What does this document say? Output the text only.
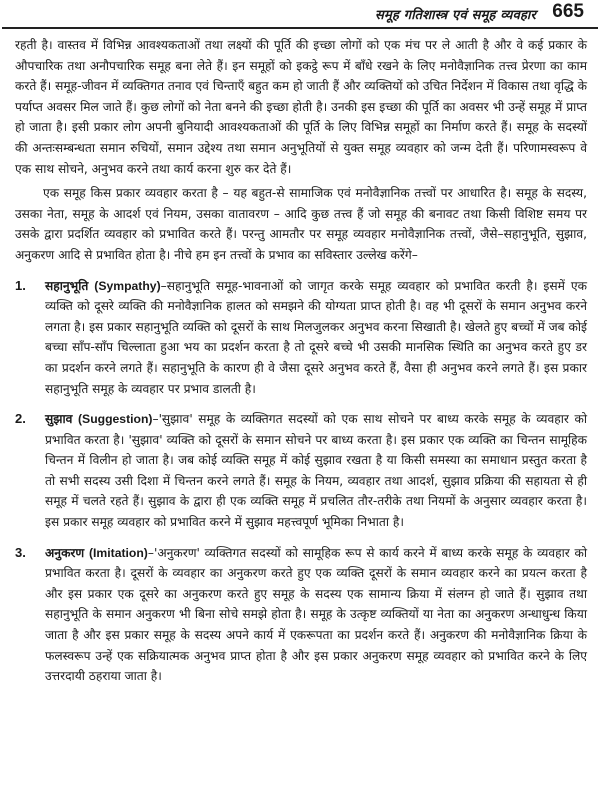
समूह गतिशास्त्र एवं समूह व्यवहार 665

रहती है। वास्तव में विभिन्न आवश्यकताओं तथा लक्ष्यों की पूर्ति की इच्छा लोगों को एक मंच पर ले आती है और वे कई प्रकार के औपचारिक तथा अनौपचारिक समूह बना लेते हैं। इन समूहों को इकट्ठे रूप में बाँधे रखने के लिए मनोवैज्ञानिक तत्त्व प्रेरणा का काम करते हैं। समूह-जीवन में व्यक्तिगत तनाव एवं चिन्ताएँ बहुत कम हो जाती हैं और व्यक्तियों को उचित निर्देशन में विकास तथा वृद्धि के पर्याप्त अवसर मिल जाते हैं। कुछ लोगों को नेता बनने की इच्छा होती है। उनकी इस इच्छा की पूर्ति का अवसर भी उन्हें समूह में प्राप्त हो जाता है। इसी प्रकार लोग अपनी बुनियादी आवश्यकताओं की पूर्ति के लिए विभिन्न समूहों का निर्माण करते हैं। समूह के सदस्यों की अन्तःसम्बन्धता समान रुचियों, समान उद्देश्य तथा समान अनुभूतियों से युक्त समूह व्यवहार को जन्म देती हैं। परिणामस्वरूप वे एक साथ सोचने, अनुभव करने तथा कार्य करना शुरु कर देते हैं।

एक समूह किस प्रकार व्यवहार करता है – यह बहुत-से सामाजिक एवं मनोवैज्ञानिक तत्त्वों पर आधारित है। समूह के सदस्य, उसका नेता, समूह के आदर्श एवं नियम, उसका वातावरण – आदि कुछ तत्त्व हैं जो समूह की बनावट तथा किसी विशिष्ट समय पर उसके द्वारा प्रदर्शित व्यवहार को प्रभावित करते हैं। परन्तु आमतौर पर समूह व्यवहार मनोवैज्ञानिक तत्त्वों, जैसे–सहानुभूति, सुझाव, अनुकरण आदि से प्रभावित होता है। नीचे हम इन तत्त्वों के प्रभाव का सविस्तार उल्लेख करेंगे–

1. सहानुभूति (Sympathy)–सहानुभूति समूह-भावनाओं को जागृत करके समूह व्यवहार को प्रभावित करती है। इसमें एक व्यक्ति को दूसरे व्यक्ति की मनोवैज्ञानिक हालत को समझने की योग्यता प्राप्त होती है। वह भी दूसरों के समान अनुभव करने लगता है। इस प्रकार सहानुभूति व्यक्ति को दूसरों के साथ मिलजुलकर अनुभव करना सिखाती है। खेलते हुए बच्चों में जब कोई बच्चा साँप-साँप चिल्लाता हुआ भय का प्रदर्शन करता है तो दूसरे बच्चे भी उसकी मानसिक स्थिति का अनुभव करते हुए डर का प्रदर्शन करने लगते हैं। सहानुभूति के कारण ही वे जैसा दूसरे अनुभव करते हैं, वैसा ही अनुभव करने लगते हैं। इस प्रकार सहानुभूति समूह के व्यवहार पर प्रभाव डालती है।
2. सुझाव (Suggestion)–'सुझाव' समूह के व्यक्तिगत सदस्यों को एक साथ सोचने पर बाध्य करके समूह के व्यवहार को प्रभावित करता है। 'सुझाव' व्यक्ति को दूसरों के समान सोचने पर बाध्य करता है। इस प्रकार एक व्यक्ति का चिन्तन सामूहिक चिन्तन में विलीन हो जाता है। जब कोई व्यक्ति समूह में कोई सुझाव रखता है या किसी समस्या का समाधान प्रस्तुत करता है तो सभी सदस्य उसी दिशा में चिन्तन करने लगते हैं। समूह के नियम, व्यवहार तथा आदर्श, सुझाव प्रक्रिया की सहायता से ही समूह में चलते रहते हैं। सुझाव के द्वारा ही एक व्यक्ति समूह में प्रचलित तौर-तरीके तथा नियमों के अनुसार व्यवहार करता है। इस प्रकार समूह व्यवहार को प्रभावित करने में सुझाव महत्त्वपूर्ण भूमिका निभाता है।
3. अनुकरण (Imitation)–'अनुकरण' व्यक्तिगत सदस्यों को सामूहिक रूप से कार्य करने में बाध्य करके समूह के व्यवहार को प्रभावित करता है। दूसरों के व्यवहार का अनुकरण करते हुए एक व्यक्ति दूसरों के समान व्यवहार करने का प्रयत्न करता है और इस प्रकार एक दूसरे का अनुकरण करते हुए समूह के सदस्य एक सामान्य क्रिया में संलग्न हो जाते हैं। सुझाव तथा सहानुभूति के समान अनुकरण भी बिना सोचे समझे होता है। समूह के उत्कृष्ट व्यक्तियों या नेता का अनुकरण अन्धाधुन्ध किया जाता है और इस प्रकार समूह के सदस्य अपने कार्य में एकरूपता का प्रदर्शन करते हैं। अनुकरण की मनोवैज्ञानिक क्रिया के फलस्वरूप उन्हें एक सक्रियात्मक अनुभव प्राप्त होता है और इस प्रकार अनुकरण समूह व्यवहार को प्रभावित करने के लिए उत्तरदायी ठहराया जाता है।
